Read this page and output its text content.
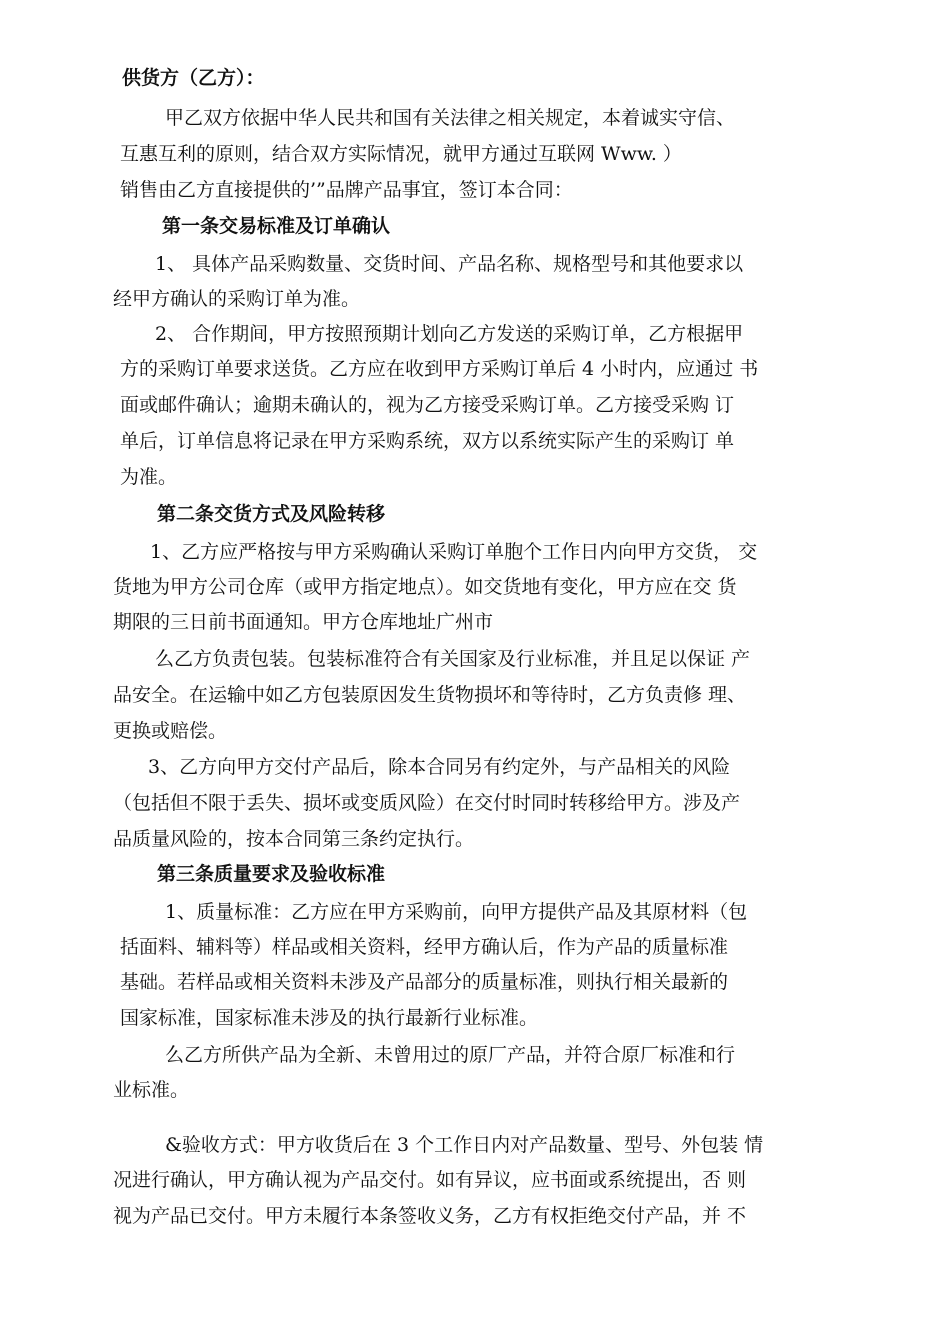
供货方（乙方）：
甲乙双方依据中华人民共和国有关法律之相关规定，本着诚实守信、
互惠互利的原则，结合双方实际情况，就甲方通过互联网 Www. ）
销售由乙方直接提供的’”品牌产品事宜，签订本合同：
第一条交易标准及订单确认
1、 具体产品采购数量、交货时间、产品名称、规格型号和其他要求以
经甲方确认的采购订单为准。
2、 合作期间，甲方按照预期计划向乙方发送的采购订单，乙方根据甲
方的采购订单要求送货。乙方应在收到甲方采购订单后 4 小时内，应通过 书
面或邮件确认；逾期未确认的，视为乙方接受采购订单。乙方接受采购 订
单后，订单信息将记录在甲方采购系统，双方以系统实际产生的采购订 单
为准。
第二条交货方式及风险转移
1、乙方应严格按与甲方采购确认采购订单胞个工作日内向甲方交货， 交
货地为甲方公司仓库（或甲方指定地点）。如交货地有变化，甲方应在交 货
期限的三日前书面通知。甲方仓库地址广州市
么乙方负责包装。包装标准符合有关国家及行业标准，并且足以保证 产
品安全。在运输中如乙方包装原因发生货物损坏和等待时，乙方负责修 理、
更换或赔偿。
3、乙方向甲方交付产品后，除本合同另有约定外，与产品相关的风险
（包括但不限于丢失、损坏或变质风险）在交付时同时转移给甲方。涉及产
品质量风险的，按本合同第三条约定执行。
第三条质量要求及验收标准
1、质量标准：乙方应在甲方采购前，向甲方提供产品及其原材料（包
括面料、辅料等）样品或相关资料，经甲方确认后，作为产品的质量标准
基础。若样品或相关资料未涉及产品部分的质量标准，则执行相关最新的
国家标准，国家标准未涉及的执行最新行业标准。
么乙方所供产品为全新、未曾用过的原厂产品，并符合原厂标准和行
业标准。
&验收方式：甲方收货后在 3 个工作日内对产品数量、型号、外包装 情
况进行确认，甲方确认视为产品交付。如有异议，应书面或系统提出，否 则
视为产品已交付。甲方未履行本条签收义务，乙方有权拒绝交付产品，并 不
